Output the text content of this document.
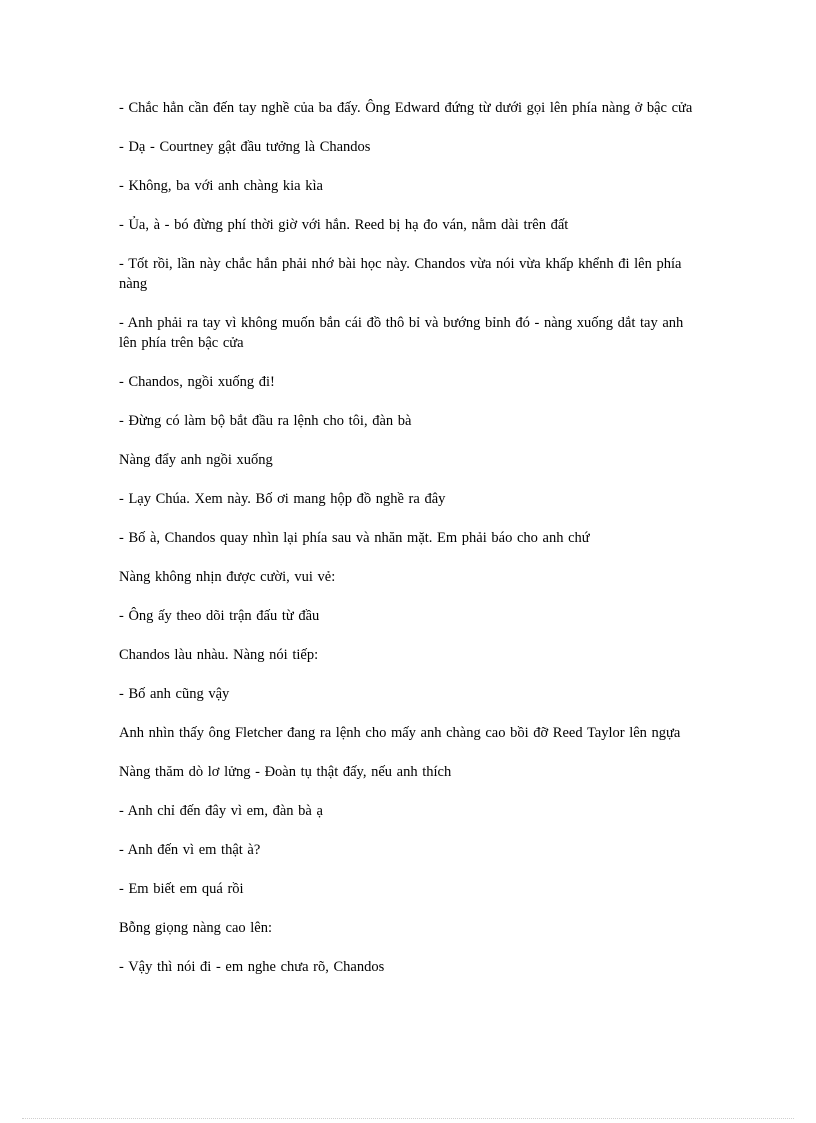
- Chắc hẳn cần đến tay nghề của ba đấy. Ông Edward đứng từ dưới gọi lên phía nàng ở bậc cửa

- Dạ - Courtney gật đầu tưởng là Chandos

- Không, ba với anh chàng kia kìa

- Ủa, à - bó đừng phí thời giờ với hắn. Reed bị hạ đo ván, nằm dài trên đất

- Tốt rồi, lần này chắc hắn phải nhớ bài học này. Chandos vừa nói vừa khấp khểnh đi lên phía nàng

- Anh phải ra tay vì không muốn bắn cái đồ thô bỉ và bướng bỉnh đó - nàng xuống dắt tay anh lên phía trên bậc cửa

- Chandos, ngồi xuống đi!

- Đừng có làm bộ bắt đầu ra lệnh cho tôi, đàn bà

Nàng đẩy anh ngồi xuống

- Lạy Chúa. Xem này. Bố ơi mang hộp đồ nghề ra đây

- Bố à, Chandos quay nhìn lại phía sau và nhăn mặt. Em phải báo cho anh chứ

Nàng không nhịn được cười, vui vẻ:

- Ông ấy theo dõi trận đấu từ đầu

Chandos làu nhàu. Nàng nói tiếp:

- Bố anh cũng vậy

Anh nhìn thấy ông Fletcher đang ra lệnh cho mấy anh chàng cao bồi đỡ Reed Taylor lên ngựa

Nàng thăm dò lơ lửng - Đoàn tụ thật đấy, nếu anh thích

- Anh chỉ đến đây vì em, đàn bà ạ

- Anh đến vì em thật à?

- Em biết em quá rồi

Bỗng giọng nàng cao lên:

- Vậy thì nói đi - em nghe chưa rõ, Chandos
